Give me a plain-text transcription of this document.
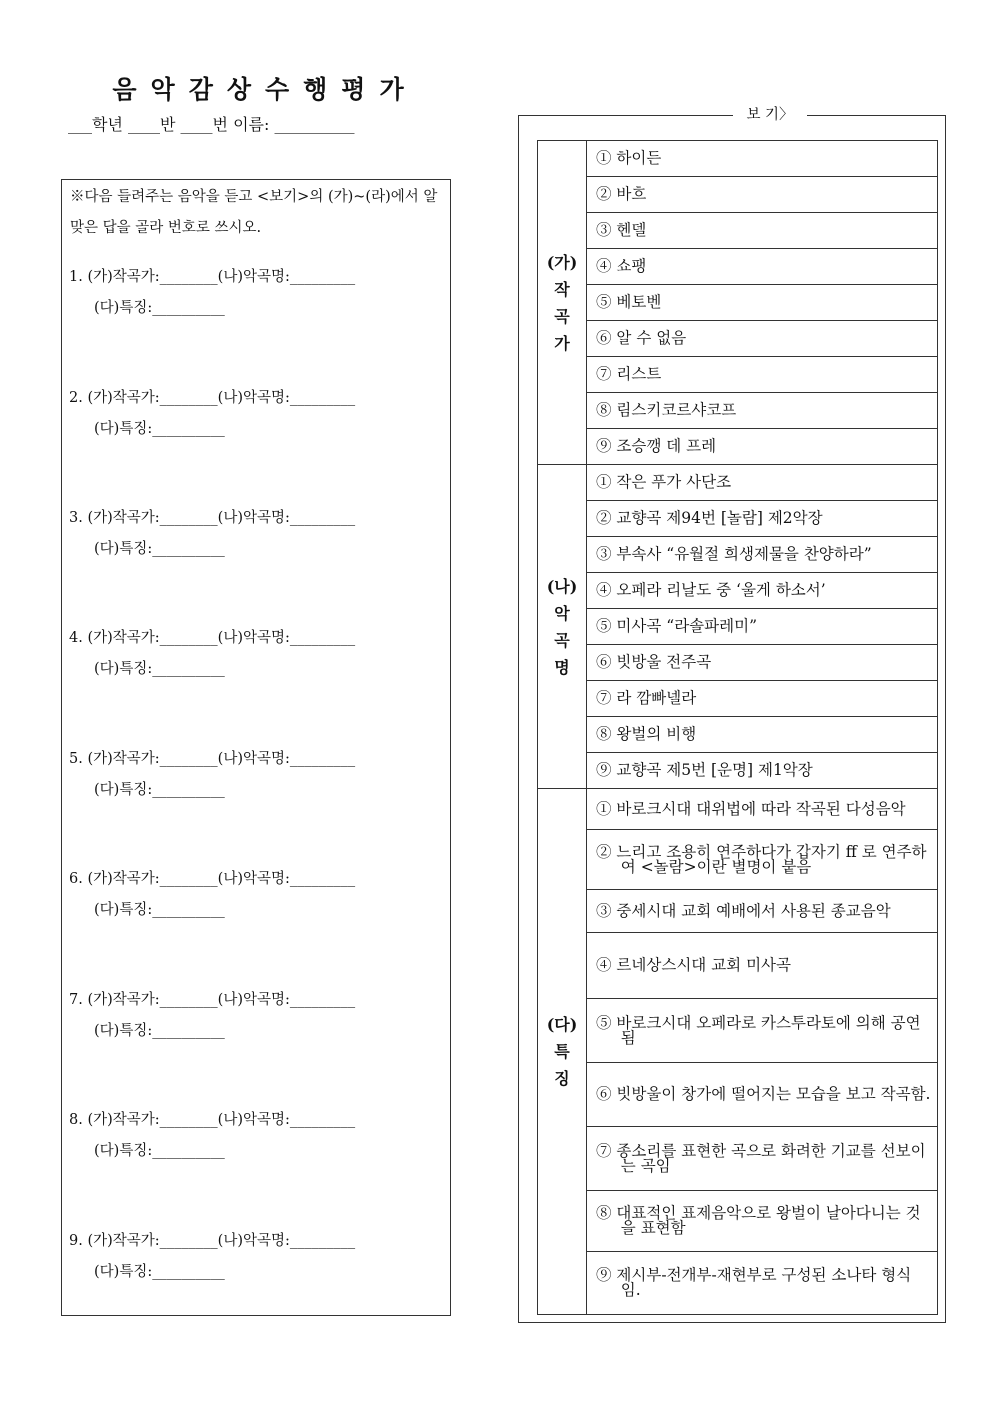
음악감상수행평가
___학년 ____반 ____번 이름: __________
※다음 들려주는 음악을 듣고 <보기>의 (가)~(라)에서 알맞은 답을 골라 번호로 쓰시오.
1. (가)작곡가:________(나)악곡명:_________
(다)특징:__________
2. (가)작곡가:________(나)악곡명:_________
(다)특징:__________
3. (가)작곡가:________(나)악곡명:_________
(다)특징:__________
4. (가)작곡가:________(나)악곡명:_________
(다)특징:__________
5. (가)작곡가:________(나)악곡명:_________
(다)특징:__________
6. (가)작곡가:________(나)악곡명:_________
(다)특징:__________
7. (가)작곡가:________(나)악곡명:_________
(다)특징:__________
8. (가)작곡가:________(나)악곡명:_________
(다)특징:__________
9. (가)작곡가:________(나)악곡명:_________
(다)특징:__________
보 기〉
(가)
작
곡
가	① 하이든

	② 바흐

	③ 헨델

	④ 쇼팽

	⑤ 베토벤

	⑥ 알 수 없음

	⑦ 리스트

	⑧ 림스키코르샤코프

	⑨ 조승깽 데 프레

(나)
악
곡
명	① 작은 푸가 사단조

	② 교향곡 제94번 [놀람] 제2악장

	③ 부속사 “유월절 희생제물을 찬양하라”

	④ 오페라 리날도 중 ‘울게 하소서’

	⑤ 미사곡 “라솔파레미”

	⑥ 빗방울 전주곡

	⑦ 라 깜빠넬라

	⑧ 왕벌의 비행

	⑨ 교향곡 제5번 [운명] 제1악장

(다)
특
징	① 바로크시대 대위법에 따라 작곡된 다성음악

	② 느리고 조용히 연주하다가 갑자기 ff 로 연주하여 <놀람>이란 별명이 붙음

	③ 중세시대 교회 예배에서 사용된 종교음악

	④ 르네상스시대 교회 미사곡

	⑤ 바로크시대 오페라로 카스투라토에 의해 공연됨

	⑥ 빗방울이 창가에 떨어지는 모습을 보고 작곡함.

	⑦ 종소리를 표현한 곡으로 화려한 기교를 선보이는 곡임

	⑧ 대표적인 표제음악으로 왕벌이 날아다니는 것을 표현함

	⑨ 제시부-전개부-재현부로 구성된 소나타 형식임.
